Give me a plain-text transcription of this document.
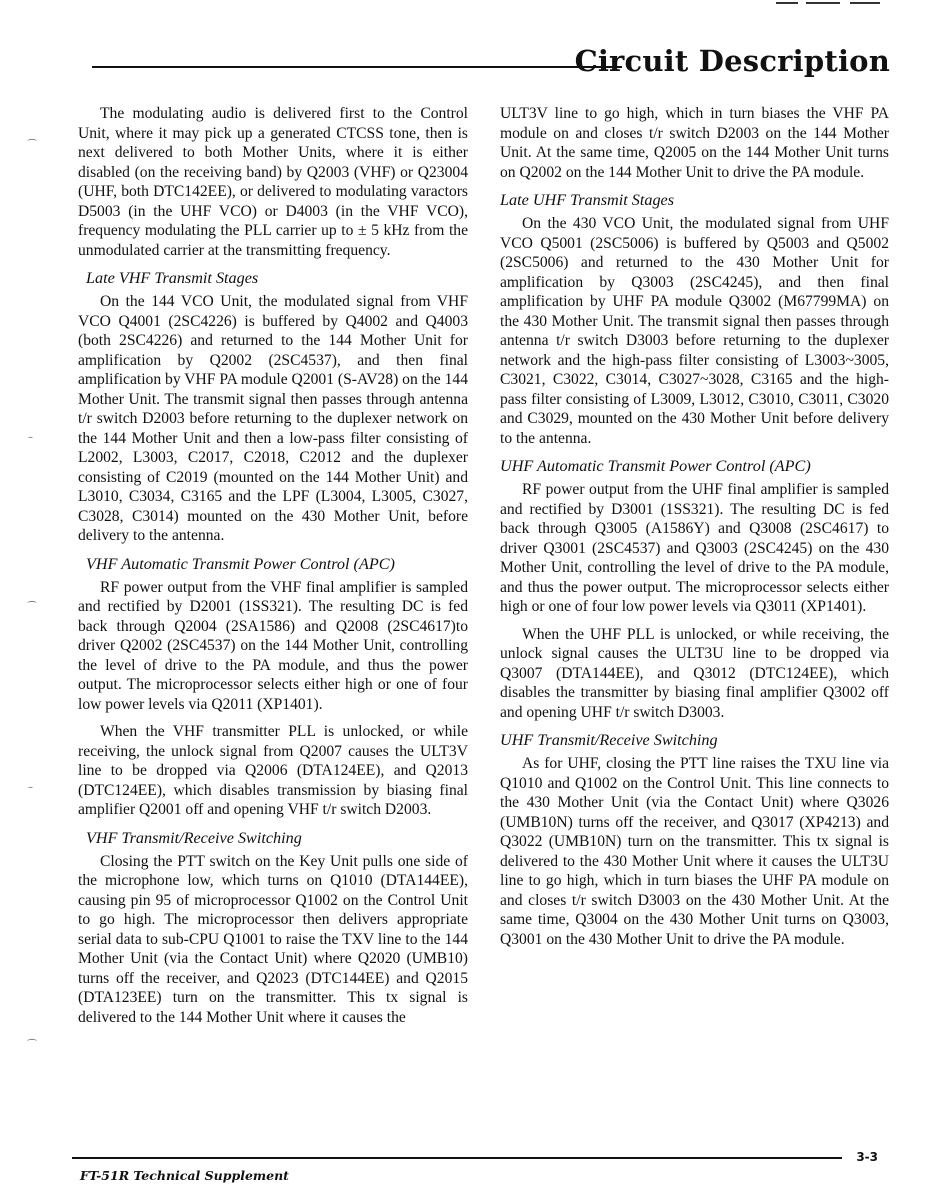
Circuit Description
⁀
–
⁀
–
⁀

The modulating audio is delivered first to the Control Unit, where it may pick up a generated CTCSS tone, then is next delivered to both Mother Units, where it is either disabled (on the receiving band) by Q2003 (VHF) or Q23004 (UHF, both DTC142EE), or delivered to modulating varactors D5003 (in the UHF VCO) or D4003 (in the VHF VCO), frequency modulating the PLL carrier up to ± 5 kHz from the unmodulated carrier at the transmitting frequency.

Late VHF Transmit Stages

On the 144 VCO Unit, the modulated signal from VHF VCO Q4001 (2SC4226) is buffered by Q4002 and Q4003 (both 2SC4226) and returned to the 144 Mother Unit for amplification by Q2002 (2SC4537), and then final amplification by VHF PA module Q2001 (S-AV28) on the 144 Mother Unit. The transmit signal then passes through antenna t/r switch D2003 before returning to the duplexer network on the 144 Mother Unit and then a low-pass filter consisting of L2002, L3003, C2017, C2018, C2012 and the duplexer consisting of C2019 (mounted on the 144 Mother Unit) and L3010, C3034, C3165 and the LPF (L3004, L3005, C3027, C3028, C3014) mounted on the 430 Mother Unit, before delivery to the antenna.

VHF Automatic Transmit Power Control (APC)

RF power output from the VHF final amplifier is sampled and rectified by D2001 (1SS321). The resulting DC is fed back through Q2004 (2SA1586) and Q2008 (2SC4617)to driver Q2002 (2SC4537) on the 144 Mother Unit, controlling the level of drive to the PA module, and thus the power output. The microprocessor selects either high or one of four low power levels via Q2011 (XP1401).

When the VHF transmitter PLL is unlocked, or while receiving, the unlock signal from Q2007 causes the ULT3V line to be dropped via Q2006 (DTA124EE), and Q2013 (DTC124EE), which disables transmission by biasing final amplifier Q2001 off and opening VHF t/r switch D2003.

VHF Transmit/Receive Switching

Closing the PTT switch on the Key Unit pulls one side of the microphone low, which turns on Q1010 (DTA144EE), causing pin 95 of microprocessor Q1002 on the Control Unit to go high. The microprocessor then delivers appropriate serial data to sub-CPU Q1001 to raise the TXV line to the 144 Mother Unit (via the Contact Unit) where Q2020 (UMB10) turns off the receiver, and Q2023 (DTC144EE) and Q2015 (DTA123EE) turn on the transmitter. This tx signal is delivered to the 144 Mother Unit where it causes the

ULT3V line to go high, which in turn biases the VHF PA module on and closes t/r switch D2003 on the 144 Mother Unit. At the same time, Q2005 on the 144 Mother Unit turns on Q2002 on the 144 Mother Unit to drive the PA module.

Late UHF Transmit Stages

On the 430 VCO Unit, the modulated signal from UHF VCO Q5001 (2SC5006) is buffered by Q5003 and Q5002 (2SC5006) and returned to the 430 Mother Unit for amplification by Q3003 (2SC4245), and then final amplification by UHF PA module Q3002 (M67799MA) on the 430 Mother Unit. The transmit signal then passes through antenna t/r switch D3003 before returning to the duplexer network and the high-pass filter consisting of L3003~3005, C3021, C3022, C3014, C3027~3028, C3165 and the high-pass filter consisting of L3009, L3012, C3010, C3011, C3020 and C3029, mounted on the 430 Mother Unit before delivery to the antenna.

UHF Automatic Transmit Power Control (APC)

RF power output from the UHF final amplifier is sampled and rectified by D3001 (1SS321). The resulting DC is fed back through Q3005 (A1586Y) and Q3008 (2SC4617) to driver Q3001 (2SC4537) and Q3003 (2SC4245) on the 430 Mother Unit, controlling the level of drive to the PA module, and thus the power output. The microprocessor selects either high or one of four low power levels via Q3011 (XP1401).

When the UHF PLL is unlocked, or while receiving, the unlock signal causes the ULT3U line to be dropped via Q3007 (DTA144EE), and Q3012 (DTC124EE), which disables the transmitter by biasing final amplifier Q3002 off and opening UHF t/r switch D3003.

UHF Transmit/Receive Switching

As for UHF, closing the PTT line raises the TXU line via Q1010 and Q1002 on the Control Unit. This line connects to the 430 Mother Unit (via the Contact Unit) where Q3026 (UMB10N) turns off the receiver, and Q3017 (XP4213) and Q3022 (UMB10N) turn on the transmitter. This tx signal is delivered to the 430 Mother Unit where it causes the ULT3U line to go high, which in turn biases the UHF PA module on and closes t/r switch D3003 on the 430 Mother Unit. At the same time, Q3004 on the 430 Mother Unit turns on Q3003, Q3001 on the 430 Mother Unit to drive the PA module.

3-3

FT-51R Technical Supplement
